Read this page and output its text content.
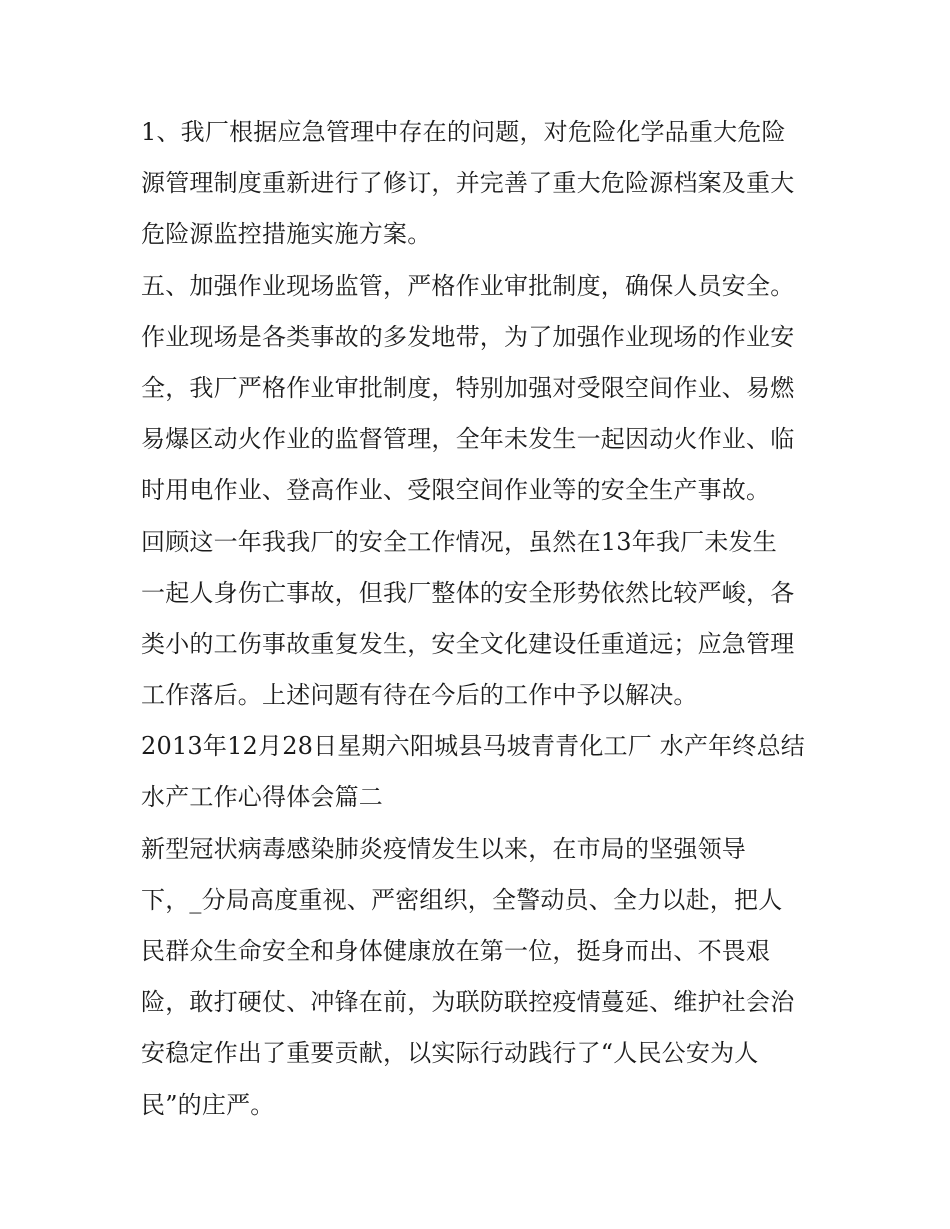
1、我厂根据应急管理中存在的问题，对危险化学品重大危险
源管理制度重新进行了修订，并完善了重大危险源档案及重大
危险源监控措施实施方案。
五、加强作业现场监管，严格作业审批制度，确保人员安全。
作业现场是各类事故的多发地带，为了加强作业现场的作业安
全，我厂严格作业审批制度，特别加强对受限空间作业、易燃
易爆区动火作业的监督管理，全年未发生一起因动火作业、临
时用电作业、登高作业、受限空间作业等的安全生产事故。
回顾这一年我我厂的安全工作情况，虽然在13年我厂未发生
一起人身伤亡事故，但我厂整体的安全形势依然比较严峻，各
类小的工伤事故重复发生，安全文化建设任重道远；应急管理
工作落后。上述问题有待在今后的工作中予以解决。
2013年12月28日星期六阳城县马坡青青化工厂 水产年终总结
水产工作心得体会篇二
新型冠状病毒感染肺炎疫情发生以来，在市局的坚强领导
下，_分局高度重视、严密组织，全警动员、全力以赴，把人
民群众生命安全和身体健康放在第一位，挺身而出、不畏艰
险，敢打硬仗、冲锋在前，为联防联控疫情蔓延、维护社会治
安稳定作出了重要贡献，以实际行动践行了“人民公安为人
民”的庄严。
